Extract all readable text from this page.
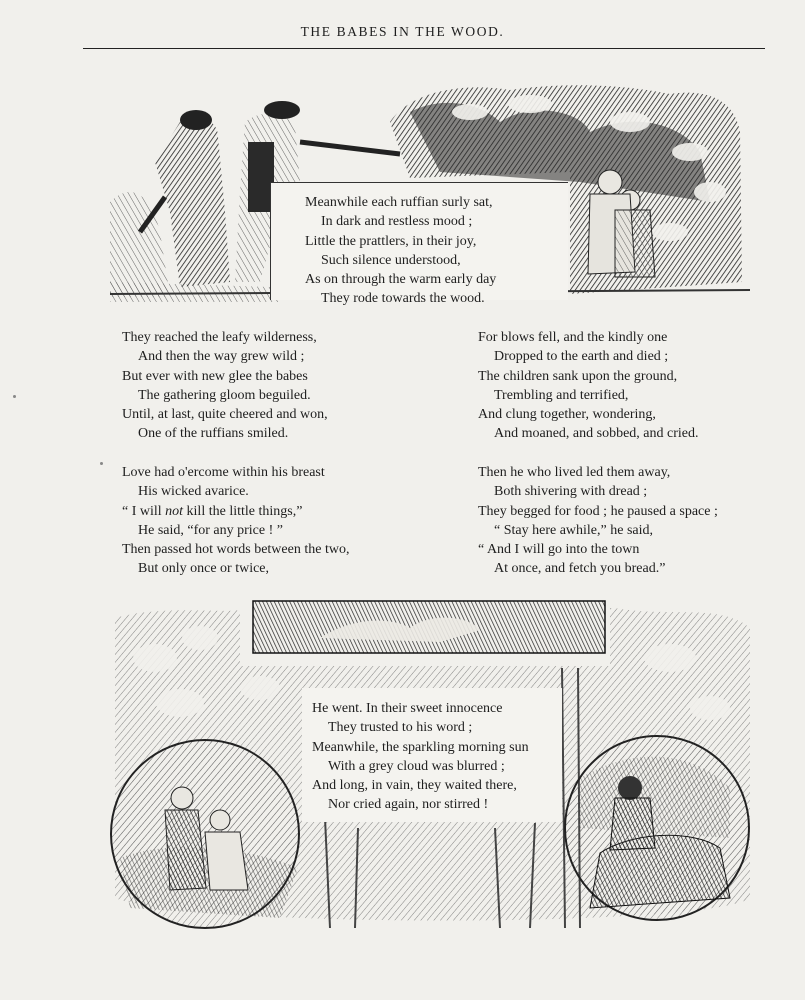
THE BABES IN THE WOOD.
Meanwhile each ruffian surly sat,
In dark and restless mood ;
Little the prattlers, in their joy,
Such silence understood,
As on through the warm early day
They rode towards the wood.
They reached the leafy wilderness,
And then the way grew wild ;
But ever with new glee the babes
The gathering gloom beguiled.
Until, at last, quite cheered and won,
One of the ruffians smiled.
For blows fell, and the kindly one
Dropped to the earth and died ;
The children sank upon the ground,
Trembling and terrified,
And clung together, wondering,
And moaned, and sobbed, and cried.
Love had o'ercome within his breast
His wicked avarice.
“ I will not kill the little things,”
He said, “for any price ! ”
Then passed hot words between the two,
But only once or twice,
Then he who lived led them away,
Both shivering with dread ;
They begged for food ; he paused a space ;
“ Stay here awhile,” he said,
“ And I will go into the town
At once, and fetch you bread.”
He went. In their sweet innocence
They trusted to his word ;
Meanwhile, the sparkling morning sun
With a grey cloud was blurred ;
And long, in vain, they waited there,
Nor cried again, nor stirred !
